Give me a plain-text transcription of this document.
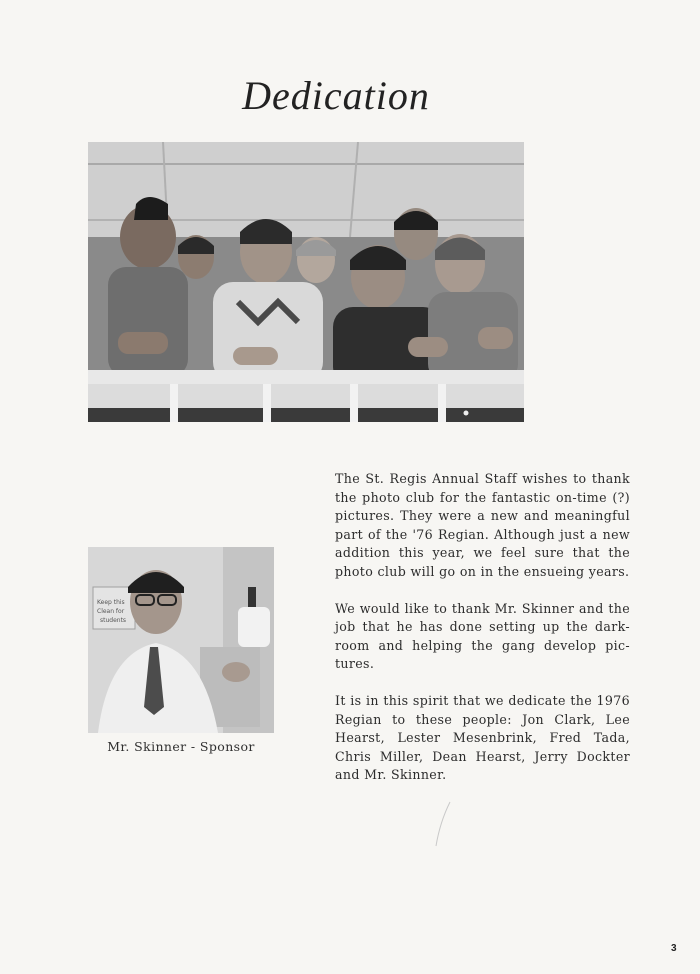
Dedication
Keep this
Clean for
students
Mr. Skinner - Sponsor

The St. Regis Annual Staff wishes to thank the photo club for the fantastic on-time (?) pictures. They were a new and meaningful part of the '76 Regian. Although just a new addition this year, we feel sure that the photo club will go on in the ensueing years.

We would like to thank Mr. Skinner and the job that he has done setting up the dark-room and helping the gang develop pic-tures.

It is in this spirit that we dedicate the 1976 Regian to these people: Jon Clark, Lee Hearst, Lester Mesenbrink, Fred Tada, Chris Miller, Dean Hearst, Jerry Dockter and Mr. Skinner.

3
